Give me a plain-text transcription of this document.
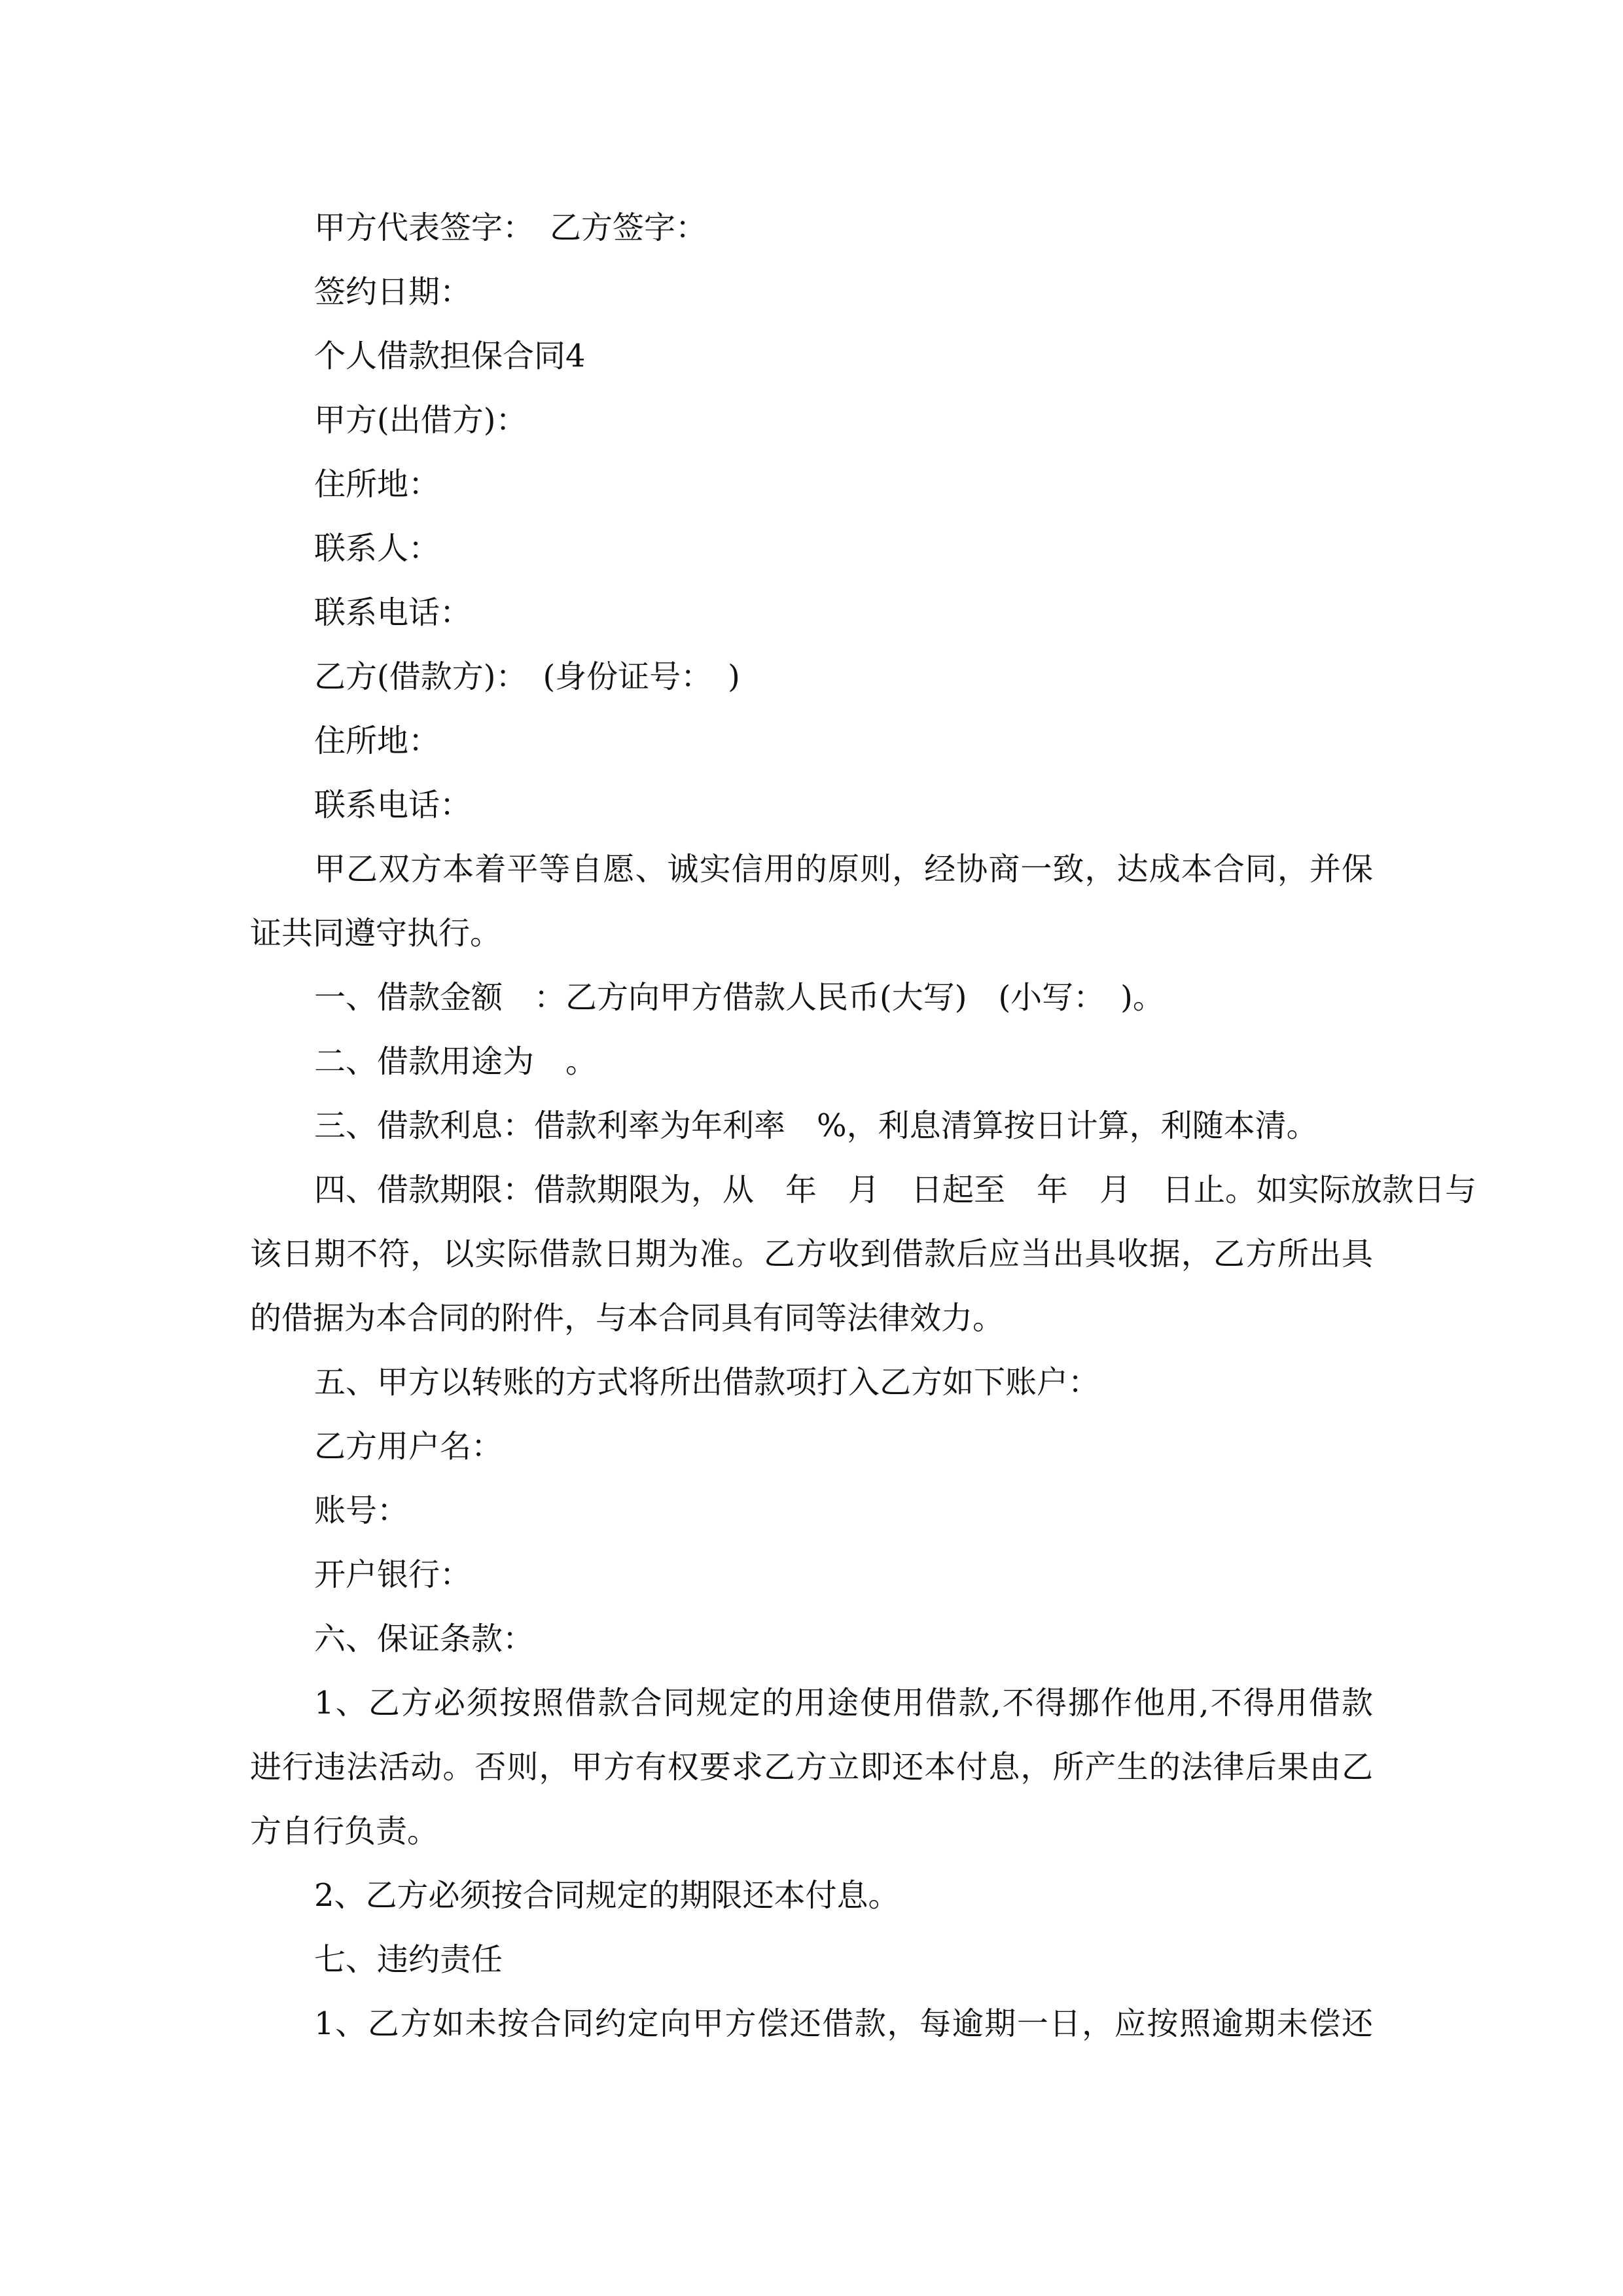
甲方代表签字：　乙方签字：
签约日期：
个人借款担保合同4
甲方(出借方)：
住所地：
联系人：
联系电话：
乙方(借款方)：　(身份证号：　)
住所地：
联系电话：
甲乙双方本着平等自愿、诚实信用的原则，经协商一致，达成本合同，并保
证共同遵守执行。
一、借款金额　：乙方向甲方借款人民币(大写)　(小写：　)。
二、借款用途为　。
三、借款利息：借款利率为年利率　%，利息清算按日计算，利随本清。
四、借款期限：借款期限为，从　年　月　日起至　年　月　日止。如实际放款日与
该日期不符，以实际借款日期为准。乙方收到借款后应当出具收据，乙方所出具
的借据为本合同的附件，与本合同具有同等法律效力。
五、甲方以转账的方式将所出借款项打入乙方如下账户：
乙方用户名：
账号：
开户银行：
六、保证条款：
1、乙方必须按照借款合同规定的用途使用借款,不得挪作他用,不得用借款
进行违法活动。否则，甲方有权要求乙方立即还本付息，所产生的法律后果由乙
方自行负责。
2、乙方必须按合同规定的期限还本付息。
七、违约责任
1、乙方如未按合同约定向甲方偿还借款，每逾期一日，应按照逾期未偿还
